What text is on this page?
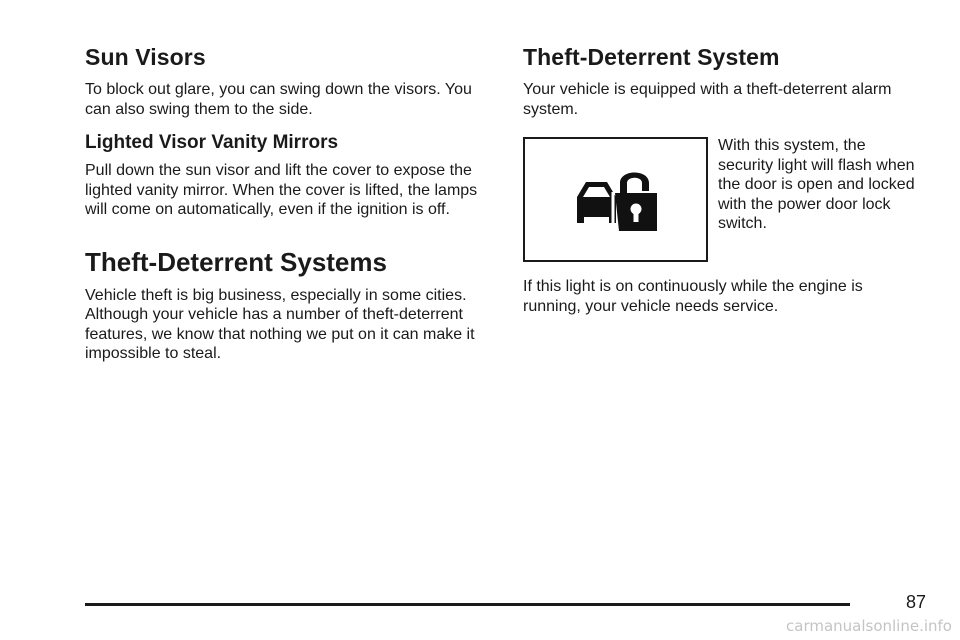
Sun Visors

To block out glare, you can swing down the visors. You can also swing them to the side.

Lighted Visor Vanity Mirrors

Pull down the sun visor and lift the cover to expose the lighted vanity mirror. When the cover is lifted, the lamps will come on automatically, even if the ignition is off.

Theft-Deterrent Systems

Vehicle theft is big business, especially in some cities. Although your vehicle has a number of theft-deterrent features, we know that nothing we put on it can make it impossible to steal.

Theft-Deterrent System

Your vehicle is equipped with a theft-deterrent alarm system.

With this system, the security light will flash when the door is open and locked with the power door lock switch.

If this light is on continuously while the engine is running, your vehicle needs service.

87
carmanualsonline.info
